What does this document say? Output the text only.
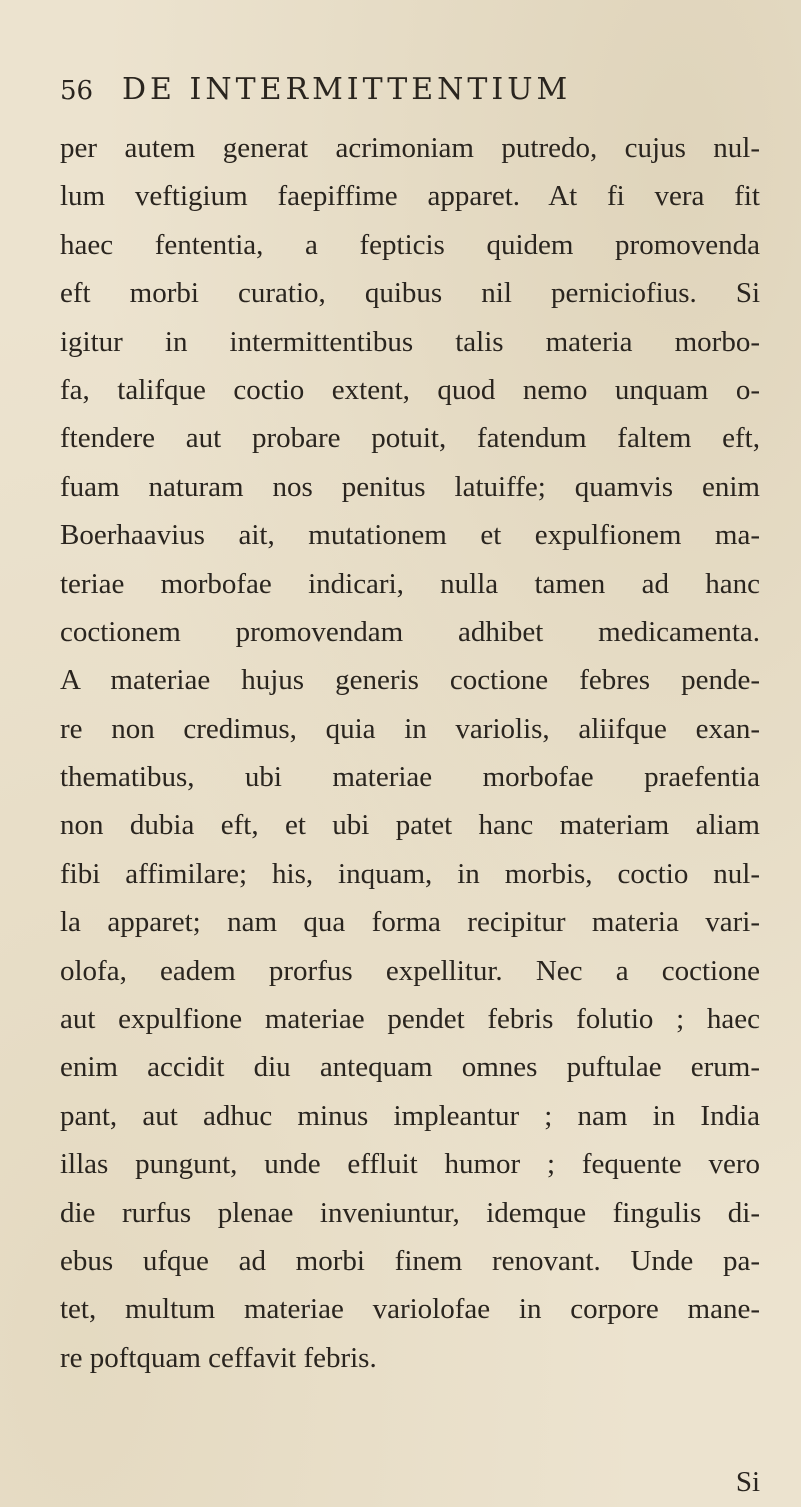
56 DE INTERMITTENTIUM
per autem generat acrimoniam putredo, cujus nul-
lum veftigium faepiffime apparet. At fi vera fit
haec fententia, a fepticis quidem promovenda
eft morbi curatio, quibus nil perniciofius. Si
igitur in intermittentibus talis materia morbo-
fa, talifque coctio extent, quod nemo unquam o-
ftendere aut probare potuit, fatendum faltem eft,
fuam naturam nos penitus latuiffe; quamvis enim
Boerhaavius ait, mutationem et expulfionem ma-
teriae morbofae indicari, nulla tamen ad hanc
coctionem promovendam adhibet medicamenta.
A materiae hujus generis coctione febres pende-
re non credimus, quia in variolis, aliifque exan-
thematibus, ubi materiae morbofae praefentia
non dubia eft, et ubi patet hanc materiam aliam
fibi affimilare; his, inquam, in morbis, coctio nul-
la apparet; nam qua forma recipitur materia vari-
olofa, eadem prorfus expellitur. Nec a coctione
aut expulfione materiae pendet febris folutio ; haec
enim accidit diu antequam omnes puftulae erum-
pant, aut adhuc minus impleantur ; nam in India
illas pungunt, unde effluit humor ; fequente vero
die rurfus plenae inveniuntur, idemque fingulis di-
ebus ufque ad morbi finem renovant. Unde pa-
tet, multum materiae variolofae in corpore mane-
re poftquam ceffavit febris.
Si
